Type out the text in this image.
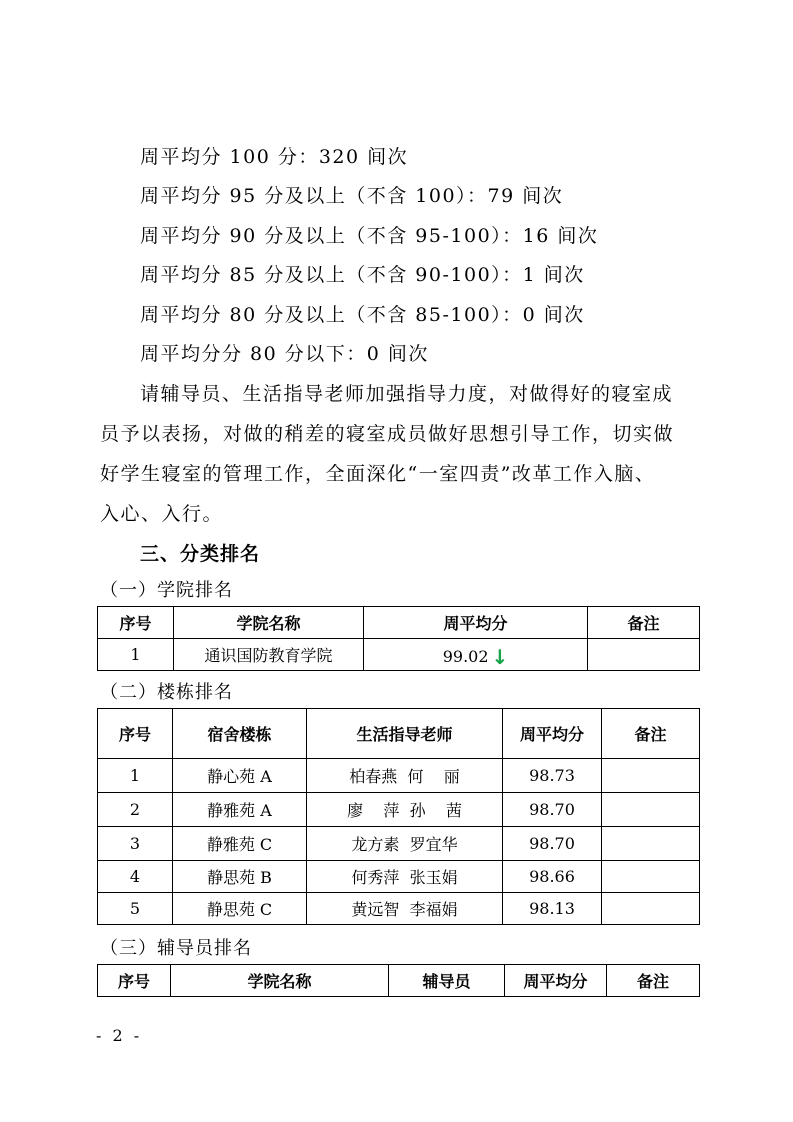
周平均分 100 分：320 间次
周平均分 95 分及以上（不含 100）：79 间次
周平均分 90 分及以上（不含 95-100）：16 间次
周平均分 85 分及以上（不含 90-100）：1 间次
周平均分 80 分及以上（不含 85-100）：0 间次
周平均分分 80 分以下：0 间次
请辅导员、生活指导老师加强指导力度，对做得好的寝室成
员予以表扬，对做的稍差的寝室成员做好思想引导工作，切实做
好学生寝室的管理工作，全面深化“一室四责”改革工作入脑、
入心、入行。
三、分类排名
（一）学院排名
序号	学院名称	周平均分	备注
1	通识国防教育学院	99.02 ↓	
（二）楼栋排名
序号	宿舍楼栋	生活指导老师	周平均分	备注
1	静心苑 A	柏春燕  何    丽	98.73	
2	静雅苑 A	廖    萍  孙    茜	98.70	
3	静雅苑 C	龙方素  罗宜华	98.70	
4	静思苑 B	何秀萍  张玉娟	98.66	
5	静思苑 C	黄远智  李福娟	98.13	
（三）辅导员排名
序号	学院名称	辅导员	周平均分	备注
- 2 -
